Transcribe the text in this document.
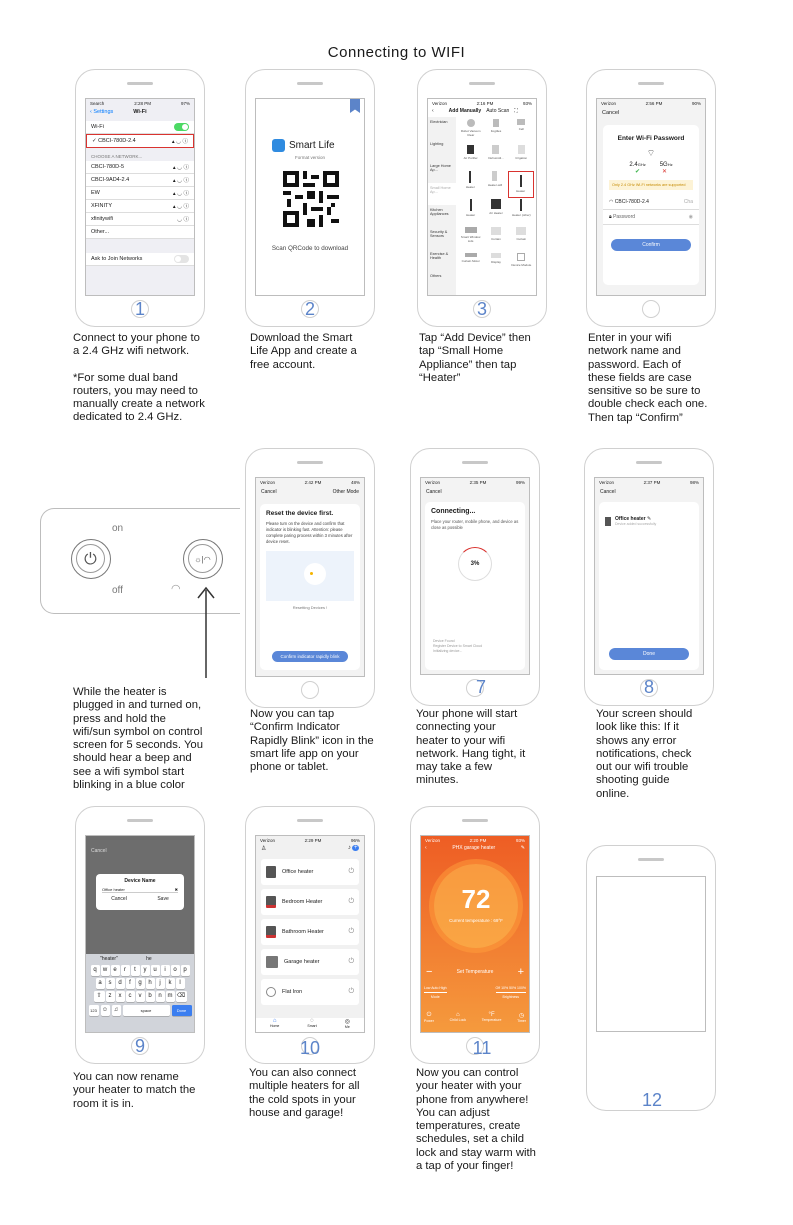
Connecting to WIFI
Search	2:28 PM	97%
‹ Settings	Wi-Fi
Wi-Fi
✓ CBCI-780D-2.4	▴ ◡ ⓘ
CHOOSE A NETWORK...
CBCI-780D-5	▴ ◡ ⓘ
CBCI-9AD4-2.4	▴ ◡ ⓘ
EW	▴ ◡ ⓘ
XFINITY	▴ ◡ ⓘ
xfinitywifi	◡ ⓘ
Other...
Ask to Join Networks
1

Connect to your phone to

a 2.4 GHz wifi network.

*For some dual band

routers, you may need to

manually create a network

dedicated to 2.4 GHz.

Smart Life
Format version
Scan QRCode to download
2

Download the Smart

Life App and create a

free account.

Verizon	2:16 PM	93%
‹	Add Manually Auto Scan ⛶
Electrician
Lighting
Large Home Ap...
Small Home Ap...
Kitchen Appliances
Security & Sensors
Exercise & Health
Others
Robot Vacuum Clear
Fogtiles	Cell
Air Purifier	Dehumidi...	Irrigation
Heater	Heater-wifi
Heater
Heater	Air Heater	Heater (other)
Smart Window Lids	Curtain	Curtain
Curtain Motor	Display
Device Module
3

Tap “Add Device” then

tap “Small Home

Appliance” then tap

“Heater”

Verizon	2:56 PM	90%
Cancel
Enter Wi-Fi Password
⌔
2.4GHz 5GHz
✔	✕
Only 2.4 GHz Wi-Fi networks are supported
◠ CBCI-780D-2.4	Cha
🔒︎ Password	◉
Confirm

Enter in your wifi

network name and

password. Each of

these fields are case

sensitive so be sure to

double check each one.

Then tap “Confirm”

on
off
⏻	☼|◠
◠

While the heater is

plugged in and turned on,

press and hold the

wifi/sun symbol on control

screen for 5 seconds. You

should hear a beep and

see a wifi symbol start

blinking in a blue color

Verizon	2:42 PM	48%
Cancel	Other Mode
Reset the device first.
Please turn on the device and confirm that indicator is blinking fast. Attention: please complete paring process within 3 minutes after device reset.
Resetting Devices !
Confirm indicator rapidly blink

Now you can tap

“Confirm Indicator

Rapidly Blink” icon in the

smart life app on your

phone or tablet.

Verizon	2:35 PM	99%
Cancel
Connecting...
Place your router, mobile phone, and device as close as possible
3%
Device Found
Register Device to Smart Cloud
Initializing device...
7

Your phone will start

connecting your

heater to your wifi

network. Hang tight, it

may take a few

minutes.

Verizon	2:37 PM	98%
Cancel
Office heater ✎
Device added successfully
Done
8

Your screen should

look like this: If it

shows any error

notifications, check

out our wifi trouble

shooting guide

online.

Cancel
Device Name
Office heater	✖
Cancel	Save
"heater"	he
q w e r t y u i o p
a s d f g h j k l
⇧ z x c v b n m ⌫
123 ☺ ♫	space	Done
9

You can now rename

your heater to match the

room it is in.

Verizon	2:29 PM	96%
♙	♪ +
Office heater	⏻
Bedroom Heater	⏻
Bathroom Heater	⏻
Garage heater	⏻
Flat Iron	⏻
⌂
Home
◌
Smart
◎
Me
10

You can also connect

multiple heaters for all

the cold spots in your

house and garage!

Verizon	2:20 PM	93%
‹	PHX garage heater	✎
72
Current temperature : 69°F
−	Set Temperature +
Low Auto High
Mode
Off 10% 50% 100%
Brightness
⏻
Power
⌂
Child Lock
°F
Temperature
◷
Timer
11

Now you can control

your heater with your

phone from anywhere!

You can adjust

temperatures, create

schedules, set a child

lock and stay warm with

a tap of your finger!

12
